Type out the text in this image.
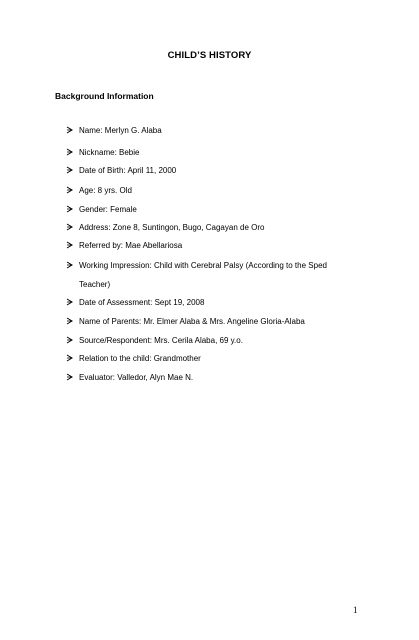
CHILD’S HISTORY
Background Information
Name: Merlyn G. Alaba
Nickname: Bebie
Date of Birth: April 11, 2000
Age: 8 yrs. Old
Gender: Female
Address: Zone 8, Suntingon, Bugo, Cagayan de Oro
Referred by: Mae Abellariosa
Working Impression: Child with Cerebral Palsy (According to the Sped
Teacher)
Date of Assessment: Sept 19, 2008
Name of Parents: Mr. Elmer Alaba & Mrs. Angeline Gloria-Alaba
Source/Respondent: Mrs. Cerila Alaba, 69 y.o.
Relation to the child: Grandmother
Evaluator: Valledor, Alyn Mae N.
1
